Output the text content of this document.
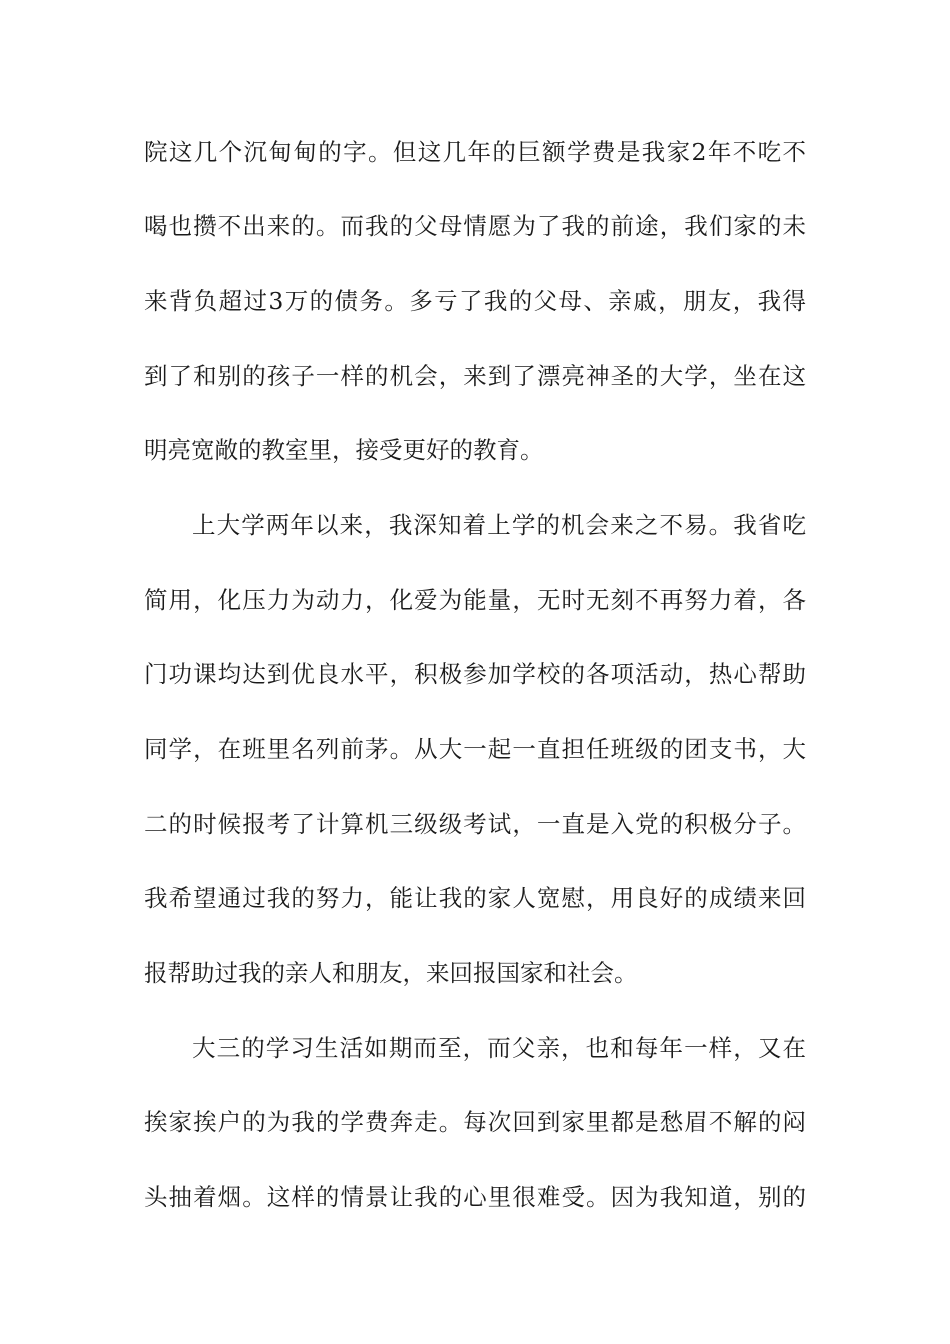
院这几个沉甸甸的字。但这几年的巨额学费是我家2年不吃不
喝也攒不出来的。而我的父母情愿为了我的前途，我们家的未
来背负超过3万的债务。多亏了我的父母、亲戚，朋友，我得
到了和别的孩子一样的机会，来到了漂亮神圣的大学，坐在这
明亮宽敞的教室里，接受更好的教育。
上大学两年以来，我深知着上学的机会来之不易。我省吃
简用，化压力为动力，化爱为能量，无时无刻不再努力着，各
门功课均达到优良水平，积极参加学校的各项活动，热心帮助
同学，在班里名列前茅。从大一起一直担任班级的团支书，大
二的时候报考了计算机三级级考试，一直是入党的积极分子。
我希望通过我的努力，能让我的家人宽慰，用良好的成绩来回
报帮助过我的亲人和朋友，来回报国家和社会。
大三的学习生活如期而至，而父亲，也和每年一样，又在
挨家挨户的为我的学费奔走。每次回到家里都是愁眉不解的闷
头抽着烟。这样的情景让我的心里很难受。因为我知道，别的
